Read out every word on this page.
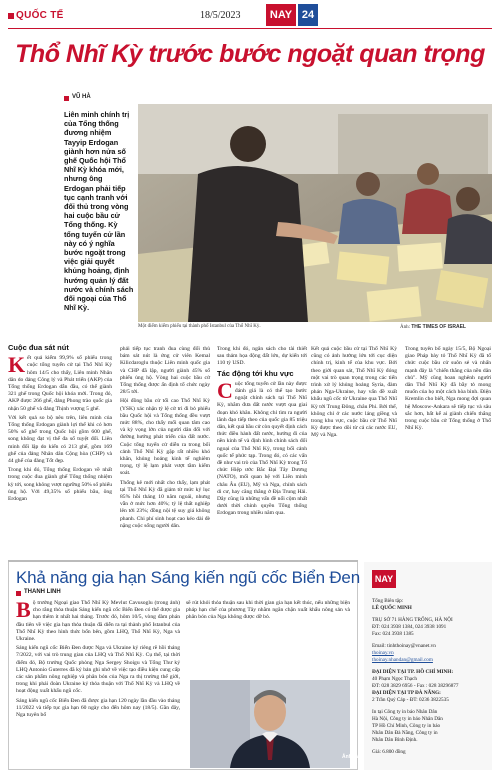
QUỐC TẾ	18/5/2023	NAY 24
Thổ Nhĩ Kỳ trước bước ngoặt quan trọng
VŨ HÀ
Liên minh chính trị của Tổng thống đương nhiệm Tayyip Erdogan giành hơn nửa số ghế Quốc hội Thổ Nhĩ Kỳ khóa mới, nhưng ông Erdogan phải tiếp tục cạnh tranh với đối thủ trong vòng hai cuộc bầu cử Tổng thống. Kỳ tổng tuyển cử lần này có ý nghĩa bước ngoặt trong việc giải quyết khủng hoảng, định hướng quản lý đất nước và chính sách đối ngoại của Thổ Nhĩ Kỳ.
Một điểm kiểm phiếu tại thành phố Istanbul của Thổ Nhĩ Kỳ.	Ảnh: THE TIMES OF ISRAEL
Cuộc đua sát nút

Kết quả kiểm 99,9% số phiếu trong cuộc tổng tuyển cử tại Thổ Nhĩ Kỳ hôm 14/5 cho thấy, Liên minh Nhân dân do đảng Công lý và Phát triển (AKP) của Tổng thống Erdogan dẫn đầu, có thể giành 321 ghế trong Quốc hội khóa mới. Trong đó, AKP được 266 ghế, đảng Phong trào quốc gia nhận 50 ghế và đảng Thịnh vượng 5 ghế.

Với kết quả so bộ nêu trên, liên minh của Tổng thống Erdogan giành lợi thế khi có hơn 50% số ghế trong Quốc hội gồm 600 ghế, song không đạt vị thế đa số tuyệt đối. Liên minh đối lập do kiến có 213 ghế, gồm 169 ghế của đảng Nhân dân Cộng hòa (CHP) và 44 ghế của đảng Tốt đẹp.

Trong khi đó, Tổng thống Erdogan về nhất trong cuộc đua giành ghế Tổng thống nhiệm kỳ tới, song không vượt ngưỡng 50% số phiếu ủng hộ. Với 49,35% số phiếu bầu, ông Erdogan

phải tiếp tục tranh đua cùng đối thủ bám sát nút là ứng cử viên Kemal Kilicdaroglu thuộc Liên minh quốc gia và CHP đã lập, người giành 45% số phiếu ủng hộ. Vòng hai cuộc bầu cử Tổng thống được ấn định tổ chức ngày 28/5 tới.

Hội đồng bầu cử tối cao Thổ Nhĩ Kỳ (YSK) xác nhận tỷ lệ cử tri đi bỏ phiếu bầu Quốc hội và Tổng thống đều vượt mức 88%, cho thấy mối quan tâm cao và kỳ vọng lớn của người dân đối với đường hướng phát triển của đất nước. Cuộc tổng tuyển cử diễn ra trong bối cảnh Thổ Nhĩ Kỳ gặp rất nhiều khó khăn, khủng hoảng kinh tế nghiêm trọng, tỷ lệ lạm phát vượt tầm kiểm soát.

Thống kê mới nhất cho thấy, lạm phát tại Thổ Nhĩ Kỳ đã giảm từ mức kỷ lục 85% hồi tháng 10 năm ngoái, nhưng vẫn ở mức hơn 40%; tỷ lệ thất nghiệp lên tới 23%; đồng nội tệ suy giá không phanh. Chi phí sinh hoạt cao kéo dài đè nặng cuộc sống người dân.

Trong khi đó, ngân sách cho tài thiết sau thảm họa động đất lớn, dự kiến tới 110 tỷ USD.

Tác động tới khu vực

Cuộc tổng tuyển cử lần này được đánh giá là có thể tạo bước ngoặt chính sách tại Thổ Nhĩ Kỳ, nhằm đưa đất nước vượt qua giai đoạn khó khăn. Không chỉ tìm ra người lãnh đạo tiếp theo của quốc gia 85 triệu dân, kết quả bầu cử còn quyết định cách thức điều hành đất nước, hướng đi của nền kinh tế và định hình chính sách đối ngoại của Thổ Nhĩ Kỳ, trong bối cảnh quốc tế phức tạp. Trong đó, có các vấn đề như vai trò của Thổ Nhĩ Kỳ trong Tổ chức Hiệp ước Bắc Đại Tây Dương (NATO), mối quan hệ với Liên minh châu Âu (EU), Mỹ và Nga, chính sách di cư, hay căng thẳng ở Địa Trung Hải. Dây cũng là những vấn đề nổi cộm nhất dưới thời chính quyền Tổng thống Erdogan trong nhiều năm qua.

Kết quả cuộc bầu cử tại Thổ Nhĩ Kỳ cũng có ảnh hưởng lớn tới cục diện chính trị, kinh tế của khu vực. Bởi theo giới quan sát, Thổ Nhĩ Kỳ đóng một vai trò quan trọng trong các tiến trình xử lý khủng hoảng Syria, đàm phán Nga-Ukraine, hay vấn đề xuất khẩu ngũ cốc từ Ukraine qua Thổ Nhĩ Kỳ tới Trung Đông, châu Phi. Bởi thế, không chỉ ở các nước láng giềng và trong khu vực, cuộc bầu cử Thổ Nhĩ Kỳ được theo dõi từ cả các nước EU, Mỹ và Nga.

Trong tuyên bố ngày 15/5, Bộ Ngoại giao Pháp bày tỏ Thổ Nhĩ Kỳ đã tổ chức cuộc bầu cử suôn sẻ và nhấn mạnh đây là "chiến thắng của nền dân chủ". Mỹ cũng hoan nghênh người dân Thổ Nhĩ Kỳ đã bầy tỏ mong muốn của họ một cách hòa bình. Điện Kremlin cho biết, Nga mong đợi quan hệ Moscow-Ankara sẽ tiếp tục và sâu sắc hơn, bất kể ai giành chiến thắng trong cuộc bầu cử Tổng thống ở Thổ Nhĩ Kỳ.

Khả năng gia hạn Sáng kiến ngũ cốc Biển Đen
THANH LINH

Bộ trưởng Ngoại giao Thổ Nhĩ Kỳ Mevlut Cavusoglu (trong ảnh) cho rằng thỏa thuận Sáng kiến ngũ cốc Biển Đen có thể được gia hạn thêm ít nhất hai tháng. Trước đó, hôm 10/5, vòng đàm phán đầu tiên về việc gia hạn thỏa thuận đã diễn ra tại thành phố Istanbul của Thổ Nhĩ Kỳ theo hình thức bốn bên, gồm LHQ, Thổ Nhĩ Kỳ, Nga và Ukraine.

Sáng kiến ngũ cốc Biển Đen được Nga và Ukraine ký riêng rẽ hồi tháng 7/2022, với vai trò trung gian của LHQ và Thổ Nhĩ Kỳ. Cụ thể, tại thời điểm đó, Bộ trưởng Quốc phòng Nga Sergey Shoigu và Tổng Thư ký LHQ Antonio Guterres đã ký bản ghi nhớ về việc tạo điều kiện cung cấp các sản phẩm nông nghiệp và phân bón của Nga ra thị trường thế giới, trong khi phái đoàn Ukraine ký thỏa thuận với Thổ Nhĩ Kỳ và LHQ về hoạt động xuất khẩu ngũ cốc.

Sáng kiến ngũ cốc Biển Đen đã được gia hạn 120 ngày lần đầu vào tháng 11/2022 và tiếp tục gia hạn 60 ngày cho đến hôm nay (18/5). Gần đây, Nga tuyên bố

sẽ rút khỏi thỏa thuận sau khi thời gian gia hạn kết thúc, nếu những biện pháp hạn chế của phương Tây nhằm ngăn chặn xuất khẩu nông sản và phân bón của Nga không được dỡ bỏ.

Ảnh: AP
NAY
Tổng Biên tập:
LÊ QUỐC MINH
TRỤ SỞ 71 HÀNG TRỐNG, HÀ NỘI
ĐT: 024 3938 1384, 024 3938 1091
Fax: 024 3938 1385
Email: tinhthoinay@vnanet.vn
thoinay.vn
thoinay.nhandan@gmail.com
ĐẠI DIỆN TẠI TP. HỒ CHÍ MINH:
40 Phạm Ngọc Thạch
ĐT: 028 3829 6956 - Fax : 028 38296877
ĐẠI DIỆN TẠI TP ĐÀ NẴNG:
2 Trần Quý Cáp - ĐT: 0236 3822535
In tại Công ty in báo Nhân Dân
Hà Nội, Công ty in báo Nhân Dân
TP Hồ Chí Minh, Công ty in báo
Nhân Dân Đà Nẵng, Công ty in
Nhân Dân Bình Định.
Giá: 6.800 đồng
